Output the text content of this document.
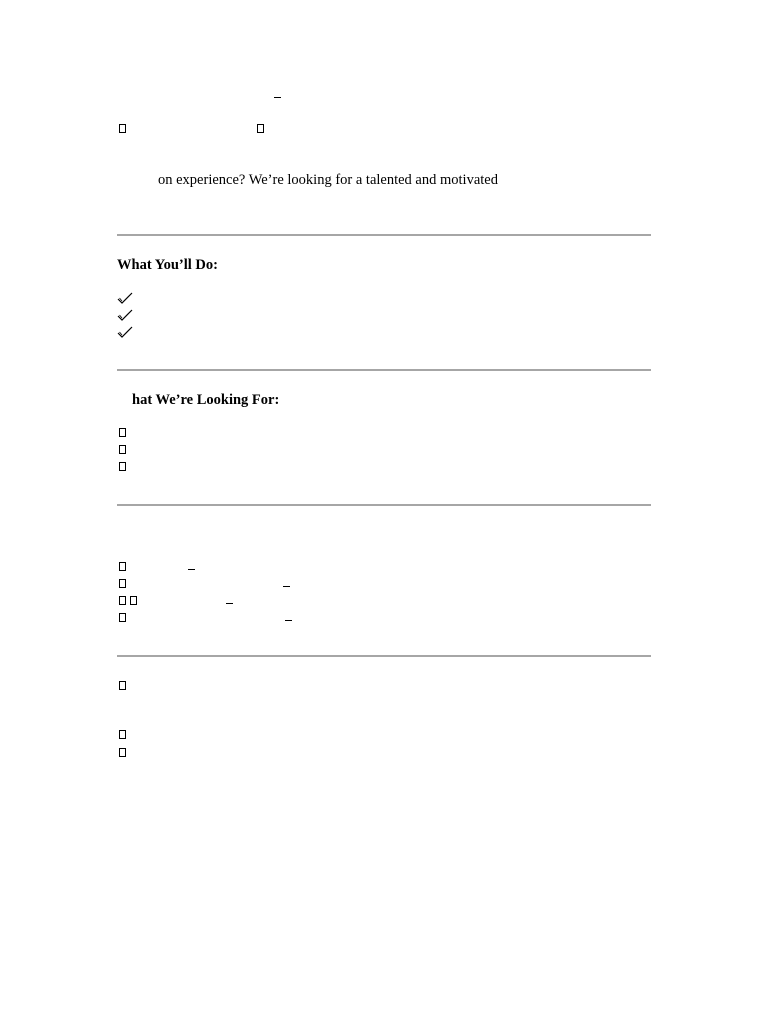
on experience? We’re looking for a talented and motivated
What You’ll Do:
hat We’re Looking For:
